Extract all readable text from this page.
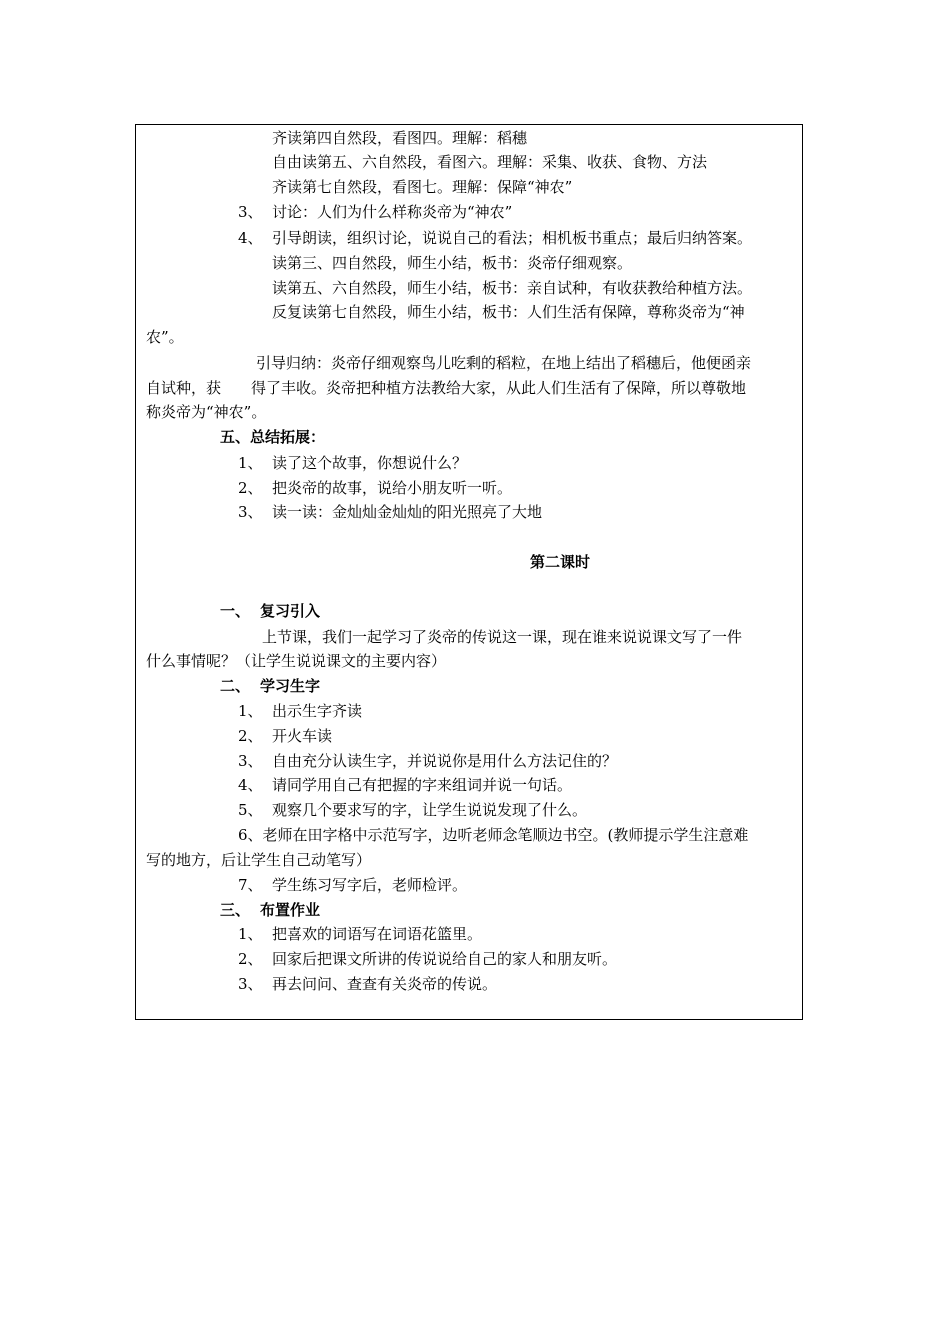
齐读第四自然段，看图四。理解：稻穗
自由读第五、六自然段，看图六。理解：采集、收获、食物、方法
齐读第七自然段，看图七。理解：保障“神农”
3、 讨论：人们为什么样称炎帝为“神农”
4、 引导朗读，组织讨论，说说自己的看法；相机板书重点；最后归纳答案。
读第三、四自然段，师生小结，板书：炎帝仔细观察。
读第五、六自然段，师生小结，板书：亲自试种，有收获教给种植方法。
反复读第七自然段，师生小结，板书：人们生活有保障，尊称炎帝为“神
农”。
引导归纳：炎帝仔细观察鸟儿吃剩的稻粒，在地上结出了稻穗后，他便函亲
自试种，获　　得了丰收。炎帝把种植方法教给大家，从此人们生活有了保障，所以尊敬地
称炎帝为“神农”。
五、总结拓展：
1、 读了这个故事，你想说什么？
2、 把炎帝的故事，说给小朋友听一听。
3、 读一读：金灿灿金灿灿的阳光照亮了大地
第二课时
一、 复习引入
上节课，我们一起学习了炎帝的传说这一课，现在谁来说说课文写了一件
什么事情呢？（让学生说说课文的主要内容）
二、 学习生字
1、 出示生字齐读
2、 开火车读
3、 自由充分认读生字，并说说你是用什么方法记住的？
4、 请同学用自己有把握的字来组词并说一句话。
5、 观察几个要求写的字，让学生说说发现了什么。
6、老师在田字格中示范写字，边听老师念笔顺边书空。(教师提示学生注意难
写的地方，后让学生自己动笔写）
7、 学生练习写字后，老师检评。
三、 布置作业
1、 把喜欢的词语写在词语花篮里。
2、 回家后把课文所讲的传说说给自己的家人和朋友听。
3、 再去问问、查查有关炎帝的传说。
